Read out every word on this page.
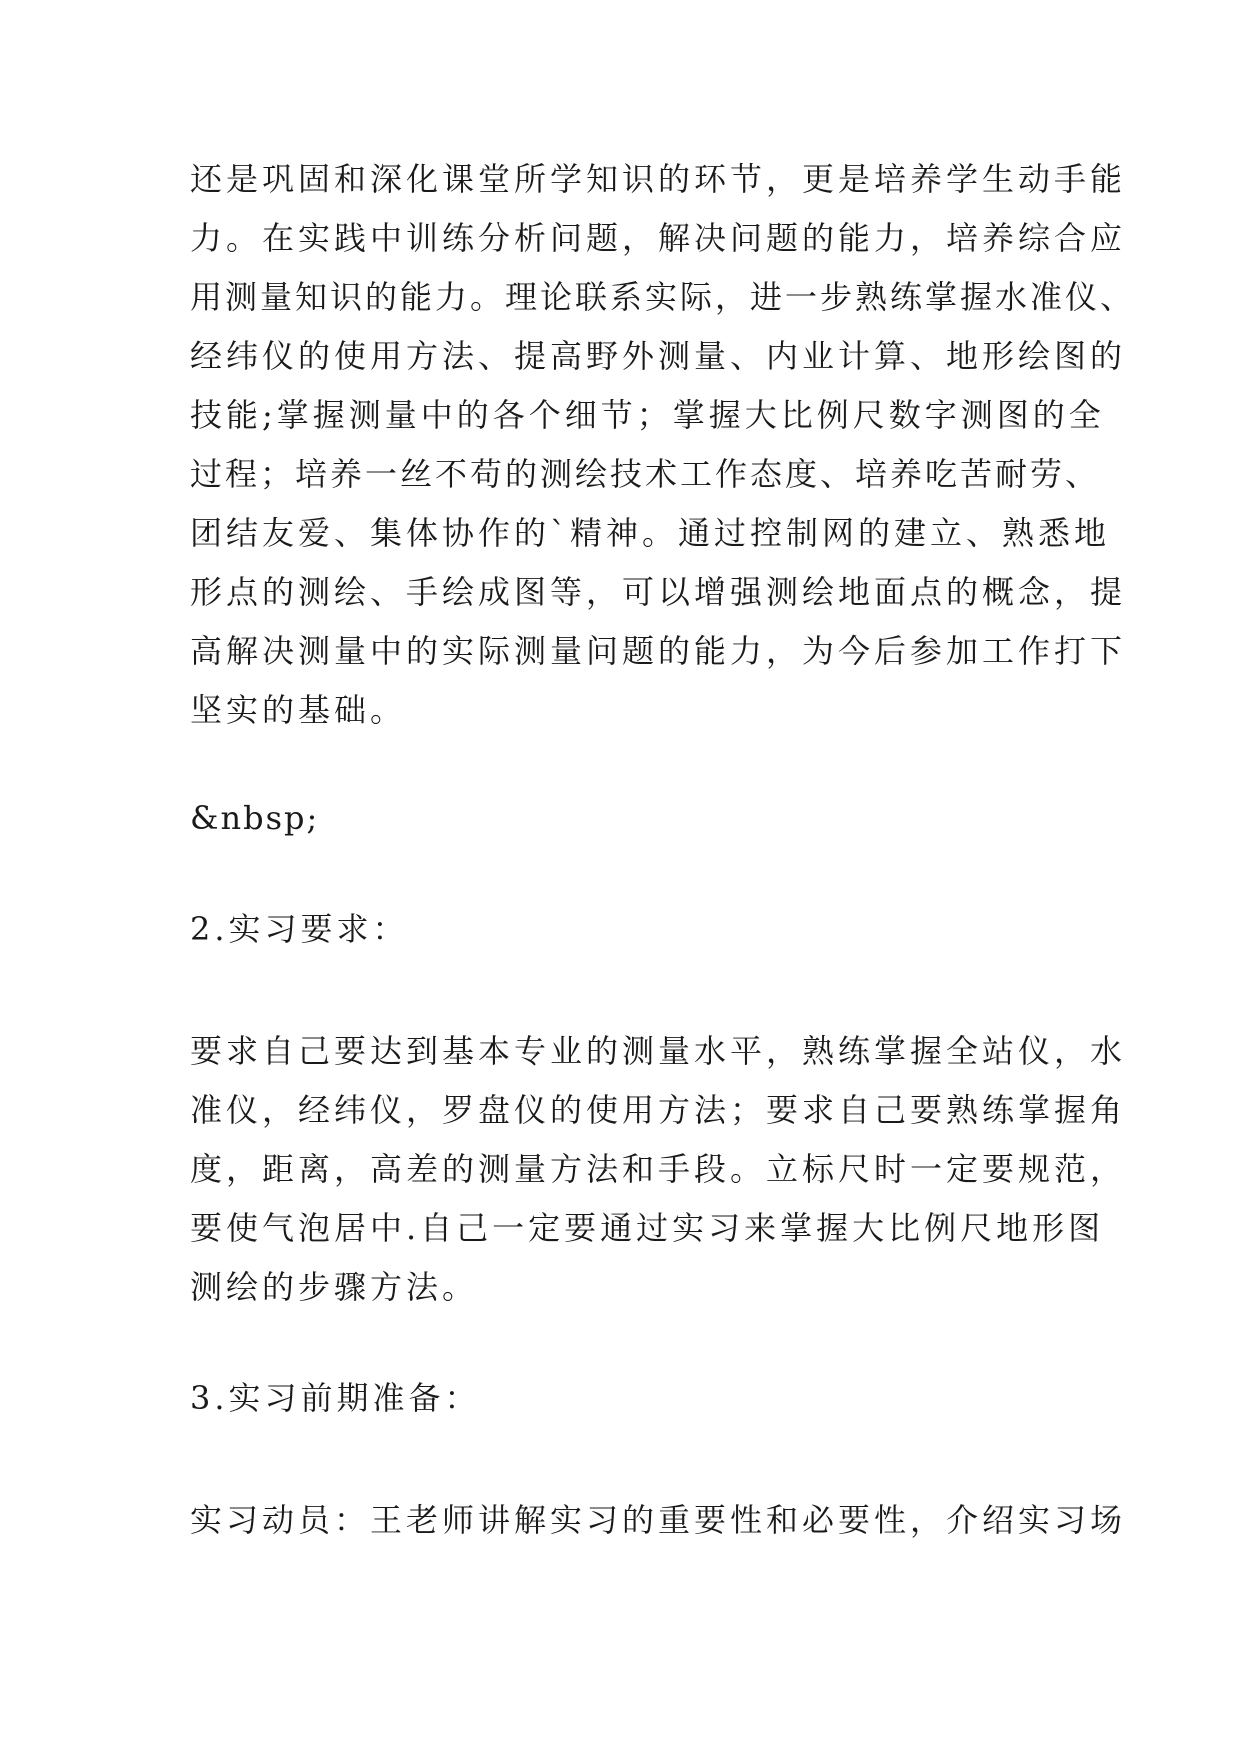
还是巩固和深化课堂所学知识的环节，更是培养学生动手能
力。在实践中训练分析问题，解决问题的能力，培养综合应
用测量知识的能力。理论联系实际，进一步熟练掌握水准仪、
经纬仪的使用方法、提高野外测量、内业计算、地形绘图的
技能;掌握测量中的各个细节；掌握大比例尺数字测图的全
过程；培养一丝不苟的测绘技术工作态度、培养吃苦耐劳、
团结友爱、集体协作的`精神。通过控制网的建立、熟悉地
形点的测绘、手绘成图等，可以增强测绘地面点的概念，提
高解决测量中的实际测量问题的能力，为今后参加工作打下
坚实的基础。
&nbsp;
2.实习要求：
要求自己要达到基本专业的测量水平，熟练掌握全站仪，水
准仪，经纬仪，罗盘仪的使用方法；要求自己要熟练掌握角
度，距离，高差的测量方法和手段。立标尺时一定要规范，
要使气泡居中.自己一定要通过实习来掌握大比例尺地形图
测绘的步骤方法。
3.实习前期准备：
实习动员：王老师讲解实习的重要性和必要性，介绍实习场
